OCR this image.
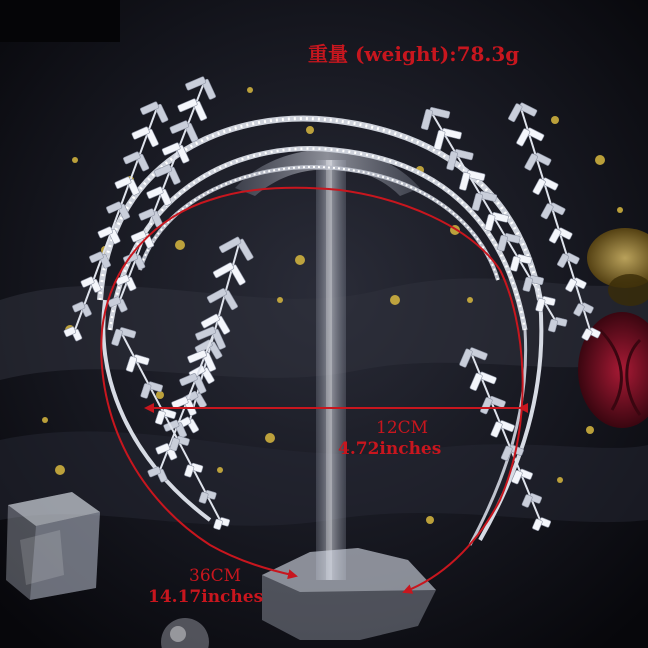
重量 (weight):78.3g
12CM
4.72inches
36CM
14.17inches
